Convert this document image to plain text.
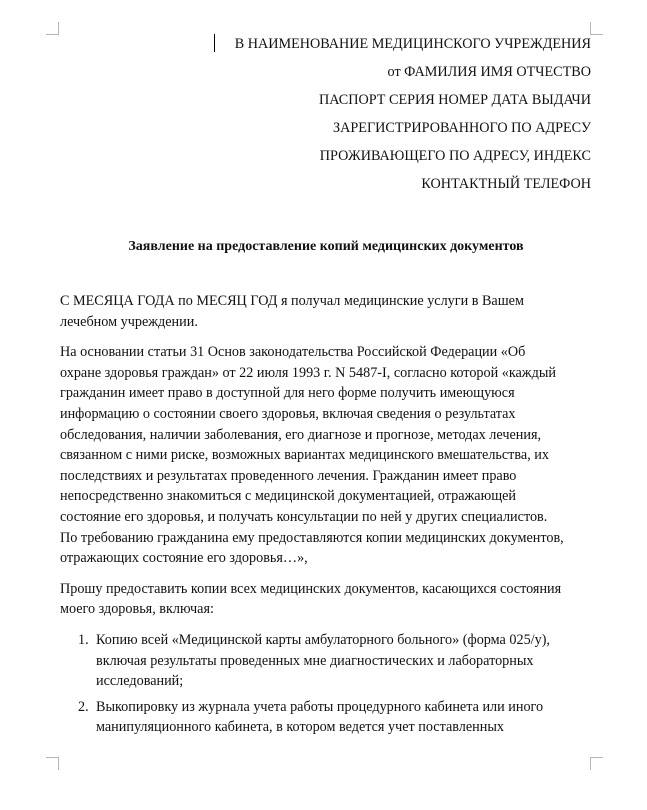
В НАИМЕНОВАНИЕ МЕДИЦИНСКОГО УЧРЕЖДЕНИЯ
от ФАМИЛИЯ ИМЯ ОТЧЕСТВО
ПАСПОРТ СЕРИЯ НОМЕР ДАТА ВЫДАЧИ
ЗАРЕГИСТРИРОВАННОГО ПО АДРЕСУ
ПРОЖИВАЮЩЕГО ПО АДРЕСУ, ИНДЕКС
КОНТАКТНЫЙ ТЕЛЕФОН
Заявление на предоставление копий медицинских документов

С МЕСЯЦА ГОДА по МЕСЯЦ ГОД я получал медицинские услуги в Вашем
лечебном учреждении.

На основании статьи 31 Основ законодательства Российской Федерации «Об
охране здоровья граждан» от 22 июля 1993 г. N 5487-I, согласно которой «каждый
гражданин имеет право в доступной для него форме получить имеющуюся
информацию о состоянии своего здоровья, включая сведения о результатах
обследования, наличии заболевания, его диагнозе и прогнозе, методах лечения,
связанном с ними риске, возможных вариантах медицинского вмешательства, их
последствиях и результатах проведенного лечения. Гражданин имеет право
непосредственно знакомиться с медицинской документацией, отражающей
состояние его здоровья, и получать консультации по ней у других специалистов.
По требованию гражданина ему предоставляются копии медицинских документов,
отражающих состояние его здоровья…»,

Прошу предоставить копии всех медицинских документов, касающихся состояния
моего здоровья, включая:

1. Копию всей «Медицинской карты амбулаторного больного» (форма 025/у),
включая результаты проведенных мне диагностических и лабораторных
исследований;
2. Выкопировку из журнала учета работы процедурного кабинета или иного
манипуляционного кабинета, в котором ведется учет поставленных
